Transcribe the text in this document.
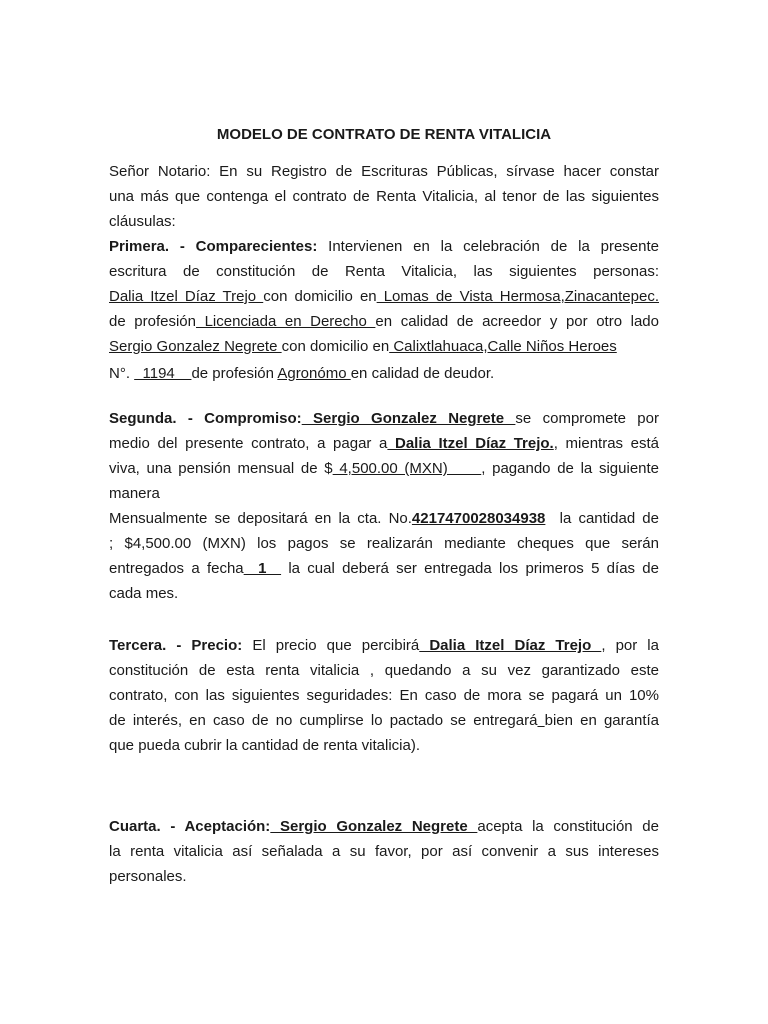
MODELO DE CONTRATO DE RENTA VITALICIA
Señor Notario: En su Registro de Escrituras Públicas, sírvase hacer constar
una más que contenga el contrato de Renta Vitalicia, al tenor de las siguientes
cláusulas:
Primera. - Comparecientes: Intervienen en la celebración de la presente
escritura de constitución de Renta Vitalicia, las siguientes personas:
Dalia Itzel Díaz Trejo con domicilio en Lomas de Vista Hermosa,Zinacantepec.
de profesión Licenciada en Derecho en calidad de acreedor y por otro lado
Sergio Gonzalez Negrete con domicilio en Calixtlahuaca,Calle Niños Heroes
N°.   1194    de profesión Agronómo en calidad de deudor.
Segunda. - Compromiso: Sergio Gonzalez Negrete se compromete por
medio del presente contrato, a pagar a Dalia Itzel Díaz Trejo., mientras está
viva, una pensión mensual de $ 4,500.00 (MXN)     , pagando de la siguiente
manera
Mensualmente se depositará en la cta. No.4217470028034938  la cantidad de
; $4,500.00 (MXN) los pagos se realizarán mediante cheques que serán
entregados a fecha  1   la cual deberá ser entregada los primeros 5 días de
cada mes.
Tercera. - Precio: El precio que percibirá Dalia Itzel Díaz Trejo , por la
constitución de esta renta vitalicia , quedando a su vez garantizado este
contrato, con las siguientes seguridades: En caso de mora se pagará un 10%
de interés, en caso de no cumplirse lo pactado se entregará bien en garantía
que pueda cubrir la cantidad de renta vitalicia).
Cuarta. - Aceptación: Sergio Gonzalez Negrete acepta la constitución de
la renta vitalicia así señalada a su favor, por así convenir a sus intereses
personales.
